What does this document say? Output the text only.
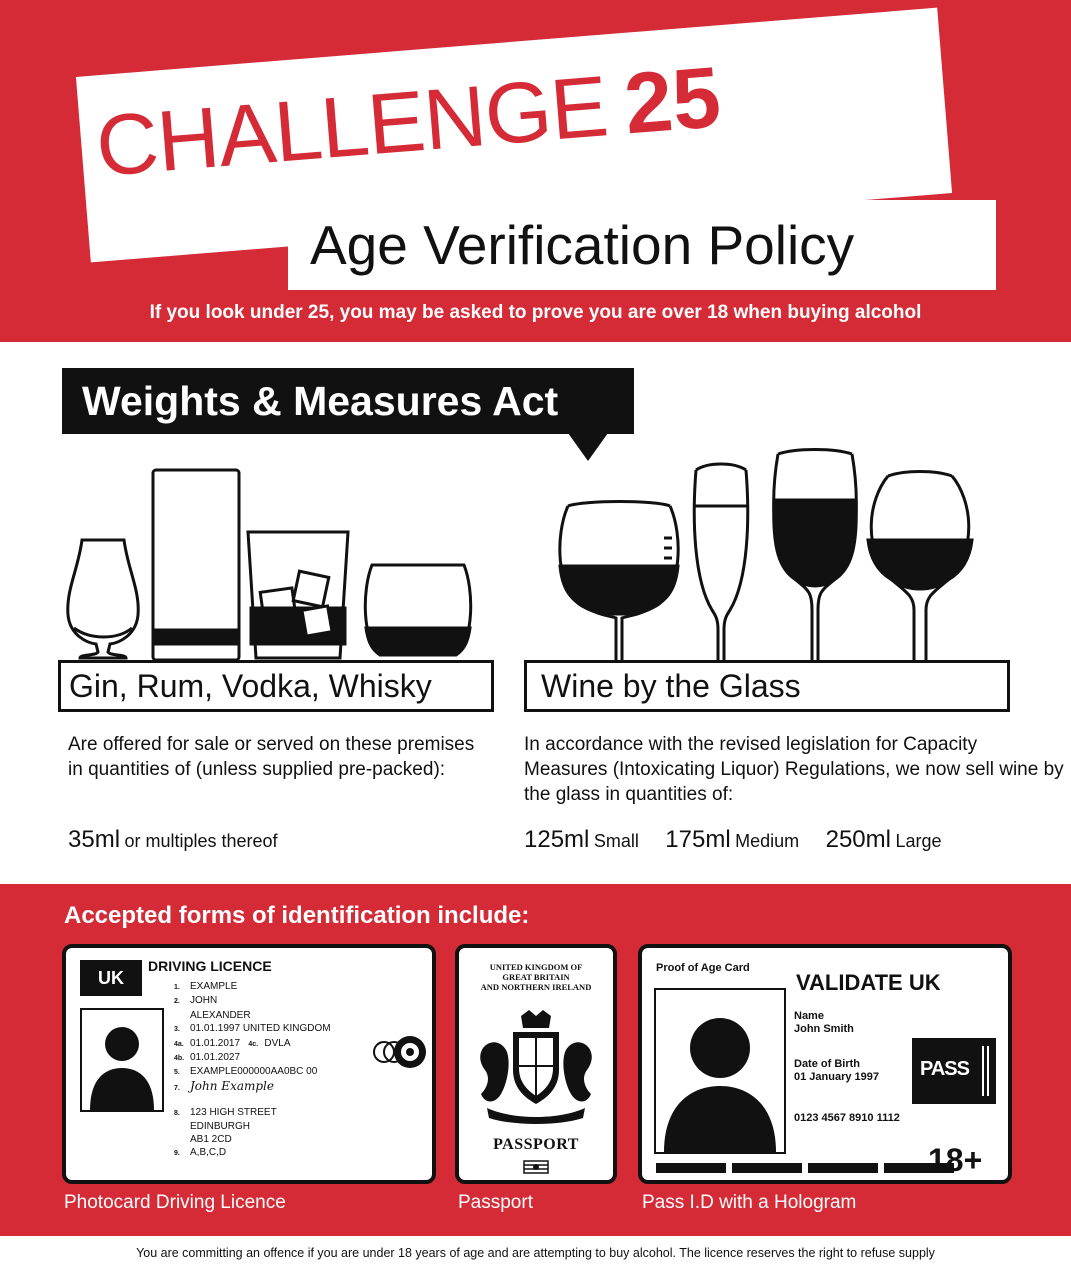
CHALLENGE 25
Age Verification Policy
If you look under 25, you may be asked to prove you are over 18 when buying alcohol
Weights & Measures Act
Gin, Rum, Vodka, Whisky	Wine by the Glass
Are offered for sale or served on these premises in quantities of (unless supplied pre-packed):
In accordance with the revised legislation for Capacity Measures (Intoxicating Liquor) Regulations, we now sell wine by the glass in quantities of:
35ml or multiples thereof	125ml Small 175ml Medium 250ml Large
Accepted forms of identification include:
UK
DRIVING LICENCE
1. EXAMPLE
2. JOHN
ALEXANDER
3. 01.01.1997 UNITED KINGDOM
4a. 01.01.2017 4c. DVLA
4b. 01.01.2027
5. EXAMPLE000000AA0BC 00
7. John Example
8. 123 HIGH STREET
EDINBURGH
AB1 2CD
9. A,B,C,D
UNITED KINGDOM OF
GREAT BRITAIN
AND NORTHERN IRELAND
PASSPORT
Proof of Age Card
VALIDATE UK
Name
John Smith
Date of Birth
01 January 1997
0123 4567 8910 1112
PASS
18+
Photocard Driving Licence	Passport	Pass I.D with a Hologram
You are committing an offence if you are under 18 years of age and are attempting to buy alcohol. The licence reserves the right to refuse supply
